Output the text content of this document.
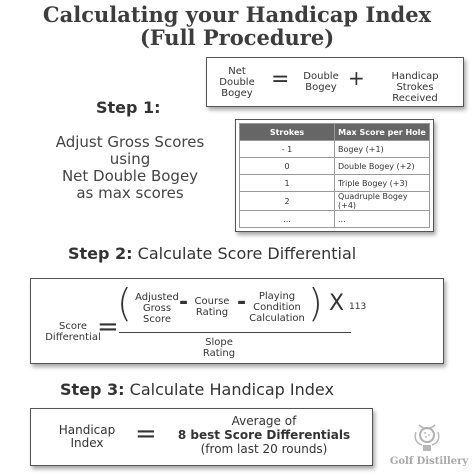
Calculating your Handicap Index
(Full Procedure)
Net Double Bogey
= Double Bogey +	Handicap Strokes Received
Step 1:
Adjust Gross Scores
using
Net Double Bogey
as max scores
Strokes	Max Score per Hole
- 1	Bogey (+1)
0	Double Bogey (+2)
1	Triple Bogey (+3)
2	Quadruple Bogey (+4)
...	...
Step 2: Calculate Score Differential
Score Differential
=
( Adjusted Gross Score
- Course Rating -	Playing Condition Calculation ) X 113
Slope Rating
Step 3: Calculate Handicap Index
Handicap Index	=	Average of
8 best Score Differentials
(from last 20 rounds)
Golf Distillery
